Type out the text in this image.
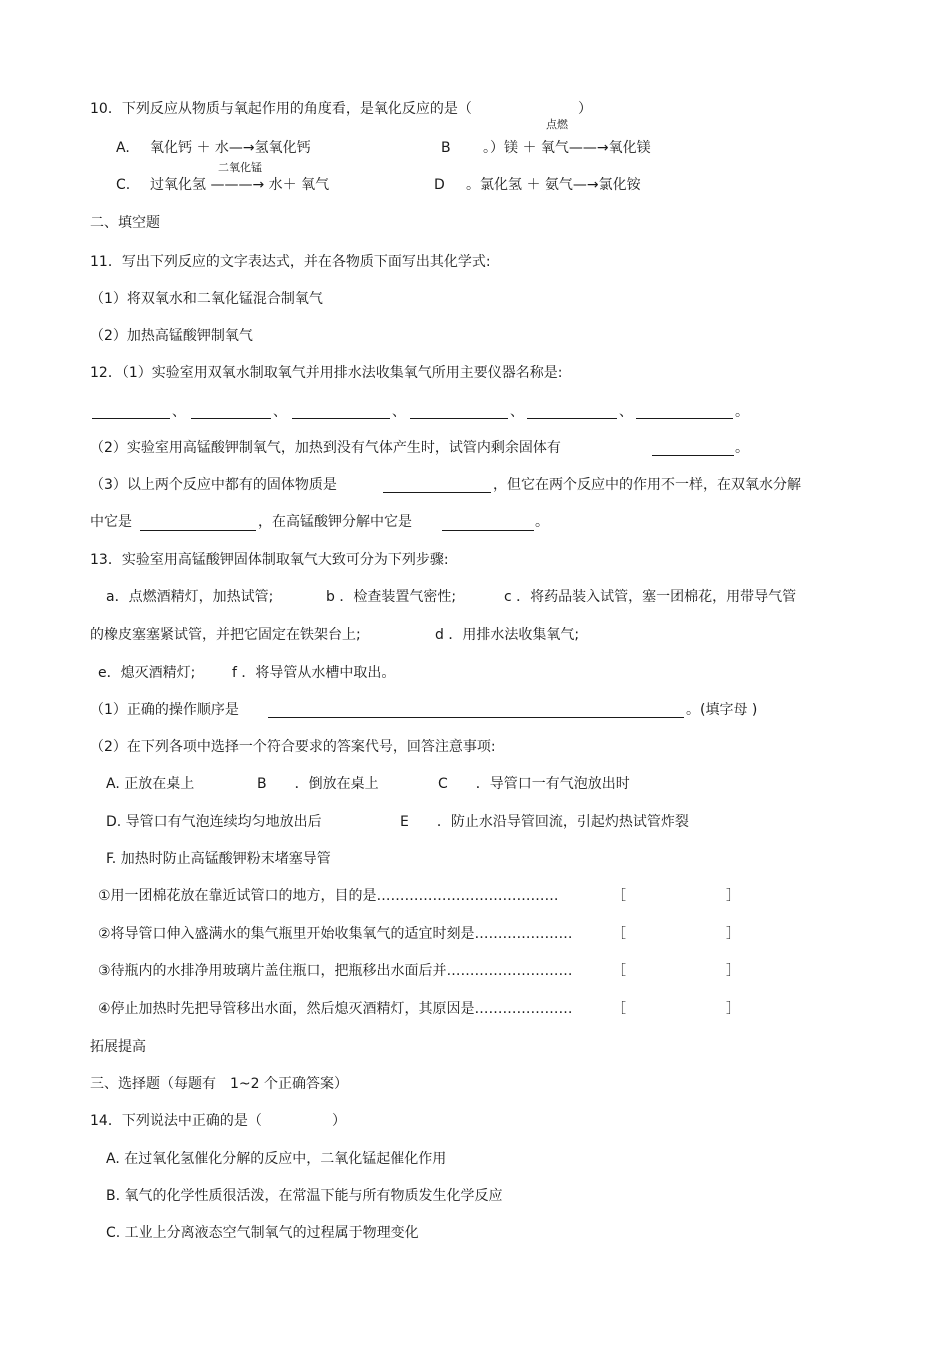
10．下列反应从物质与氧起作用的角度看，是氧化反应的是（	）
点燃
A. 氧化钙 ＋ 水—→氢氧化钙	B 。）镁 ＋ 氧气——→氧化镁
二氧化锰
C. 过氧化氢 ———→ 水＋ 氧气	D 。氯化氢 ＋ 氨气—→氯化铵
二、填空题
11．写出下列反应的文字表达式，并在各物质下面写出其化学式:
（1）将双氧水和二氧化锰混合制氧气
（2）加热高锰酸钾制氧气
12．（1）实验室用双氧水制取氧气并用排水法收集氧气所用主要仪器名称是:
、	、	、	、	、	。
（2）实验室用高锰酸钾制氧气，加热到没有气体产生时，试管内剩余固体有	。
（3）以上两个反应中都有的固体物质是	，但它在两个反应中的作用不一样，在双氧水分解
中它是	，在高锰酸钾分解中它是	。
13．实验室用高锰酸钾固体制取氧气大致可分为下列步骤:
a．点燃酒精灯，加热试管;	b ．检查装置气密性;	c ．将药品装入试管，塞一团棉花，用带导气管
的橡皮塞塞紧试管，并把它固定在铁架台上;	d ．用排水法收集氧气;
e．熄灭酒精灯;	f ．将导管从水槽中取出。
（1）正确的操作顺序是	。(填字母 )
（2）在下列各项中选择一个符合要求的答案代号，回答注意事项:
A. 正放在桌上	B　　．倒放在桌上	C　　．导管口一有气泡放出时
D. 导管口有气泡连续均匀地放出后	E　　．防止水沿导管回流，引起灼热试管炸裂
F. 加热时防止高锰酸钾粉末堵塞导管
①用一团棉花放在靠近试管口的地方，目的是…………………………………	［	］
②将导管口伸入盛满水的集气瓶里开始收集氧气的适宜时刻是…………………	［	］
③待瓶内的水排净用玻璃片盖住瓶口，把瓶移出水面后并………………………	［	］
④停止加热时先把导管移出水面，然后熄灭酒精灯，其原因是…………………	［	］
拓展提高
三、选择题（每题有　1~2 个正确答案）
14．下列说法中正确的是（	）
A. 在过氧化氢催化分解的反应中，二氧化锰起催化作用
B. 氧气的化学性质很活泼，在常温下能与所有物质发生化学反应
C. 工业上分离液态空气制氧气的过程属于物理变化
